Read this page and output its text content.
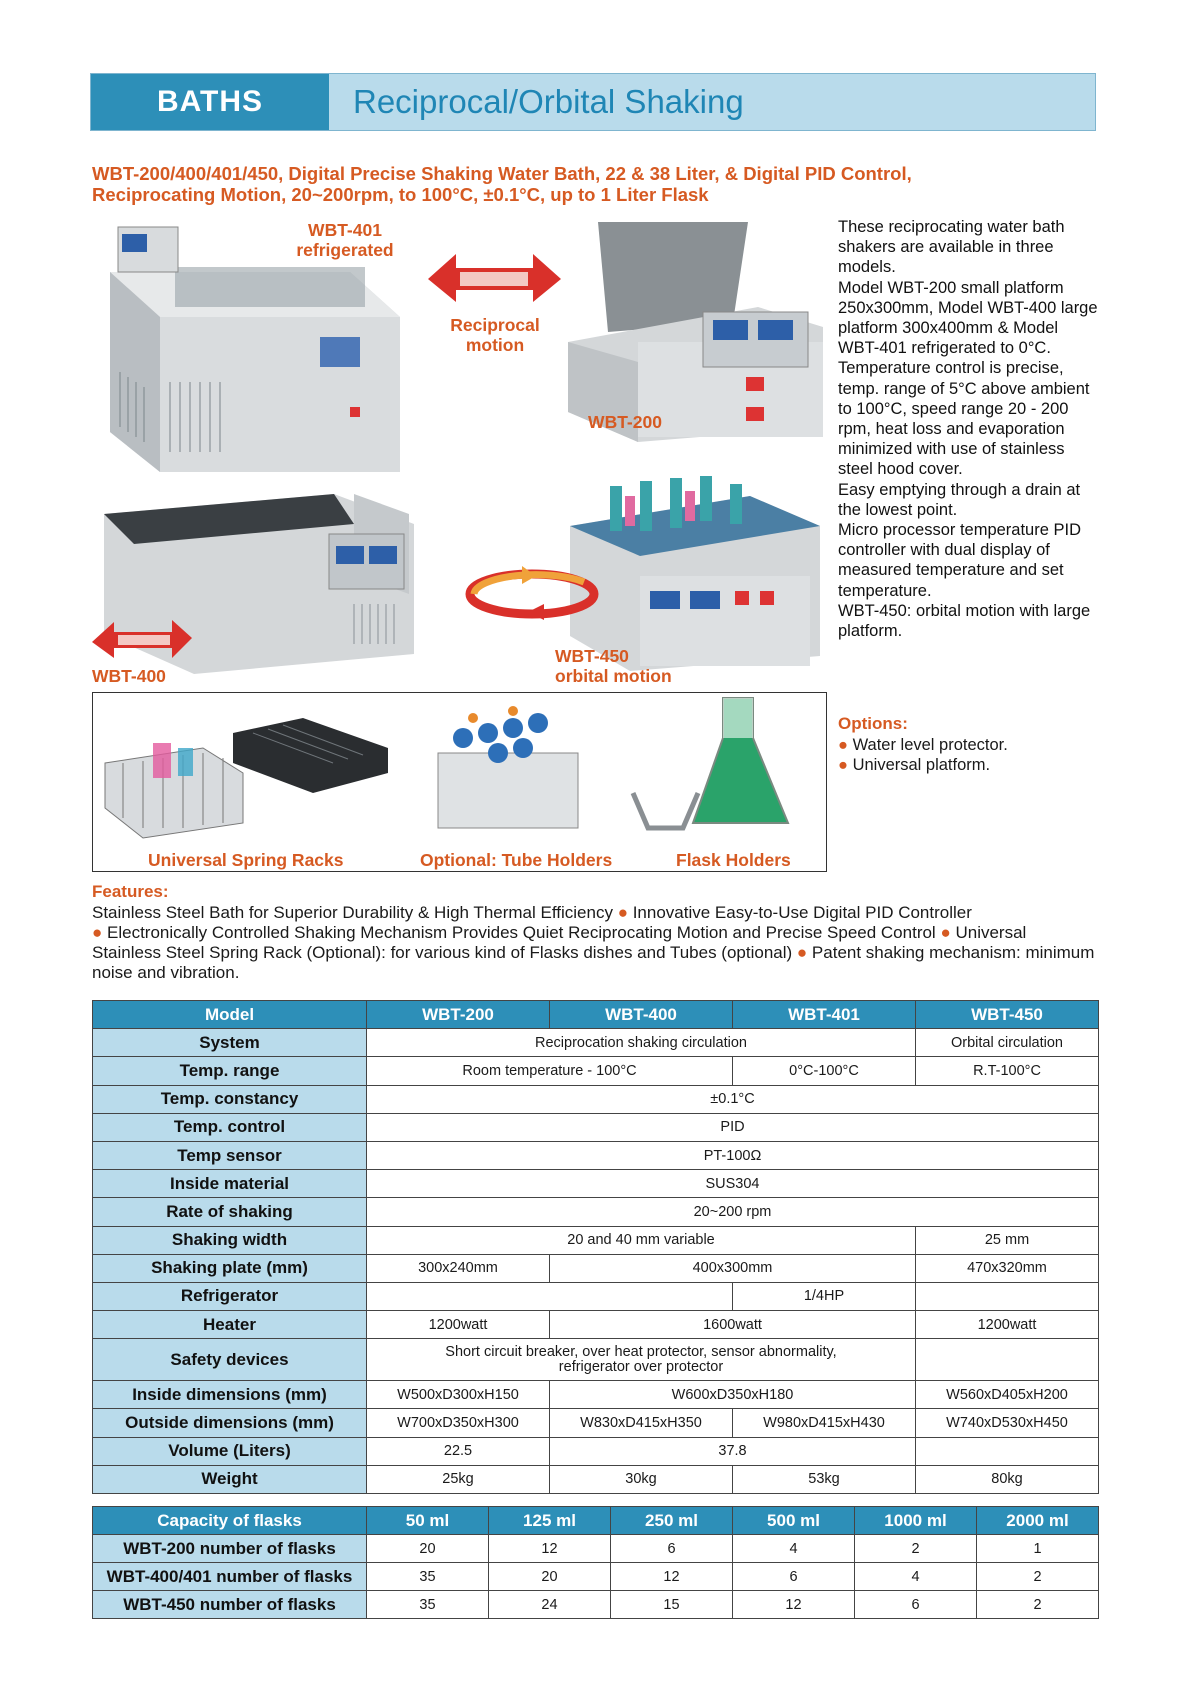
BATHS	Reciprocal/Orbital Shaking
WBT-200/400/401/450, Digital Precise Shaking Water Bath, 22 & 38 Liter, & Digital PID Control,
Reciprocating Motion, 20~200rpm, to 100°C, ±0.1°C, up to 1 Liter Flask
WBT-401
refrigerated
Reciprocal
motion
WBT-200
WBT-400
WBT-450
orbital motion

These reciprocating water bath shakers are available in three models.

Model WBT-200 small platform 250x300mm, Model WBT-400 large platform 300x400mm & Model WBT-401 refrigerated to 0°C.

Temperature control is precise, temp. range of 5°C above ambient to 100°C, speed range 20 - 200 rpm, heat loss and evaporation minimized with use of stainless steel hood cover.

Easy emptying through a drain at the lowest point.

Micro processor temperature PID controller with dual display of measured temperature and set temperature.

WBT-450: orbital motion with large platform.

Options:
● Water level protector.
● Universal platform.
Universal Spring Racks	Optional: Tube Holders	Flask Holders
Features:
Stainless Steel Bath for Superior Durability & High Thermal Efficiency ● Innovative Easy-to-Use Digital PID Controller
● Electronically Controlled Shaking Mechanism Provides Quiet Reciprocating Motion and Precise Speed Control ● Universal Stainless Steel Spring Rack (Optional): for various kind of Flasks dishes and Tubes (optional) ● Patent shaking mechanism: minimum noise and vibration.
Model	WBT-200	WBT-400	WBT-401	WBT-450
System	Reciprocation shaking circulation			Orbital circulation
Temp. range	Room temperature - 100°C		0°C-100°C	R.T-100°C
Temp. constancy	±0.1°C			
Temp. control	PID			
Temp sensor	PT-100Ω			
Inside material	SUS304			
Rate of shaking	20~200 rpm			
Shaking width	20 and 40 mm variable			25 mm
Shaking plate (mm)	300x240mm	400x300mm		470x320mm
Refrigerator			1/4HP	
Heater	1200watt	1600watt		1200watt
Safety devices	Short circuit breaker, over heat protector, sensor abnormality,
refrigerator over protector			

Inside dimensions (mm)	W500xD300xH150	W600xD350xH180		W560xD405xH200
Outside dimensions (mm)	W700xD350xH300	W830xD415xH350	W980xD415xH430	W740xD530xH450
Volume (Liters)	22.5	37.8		
Weight	25kg	30kg	53kg	80kg
Capacity of flasks	50 ml	125 ml	250 ml	500 ml	1000 ml	2000 ml
WBT-200 number of flasks	20	12	6	4	2	1
WBT-400/401 number of flasks	35	20	12	6	4	2
WBT-450 number of flasks	35	24	15	12	6	2
